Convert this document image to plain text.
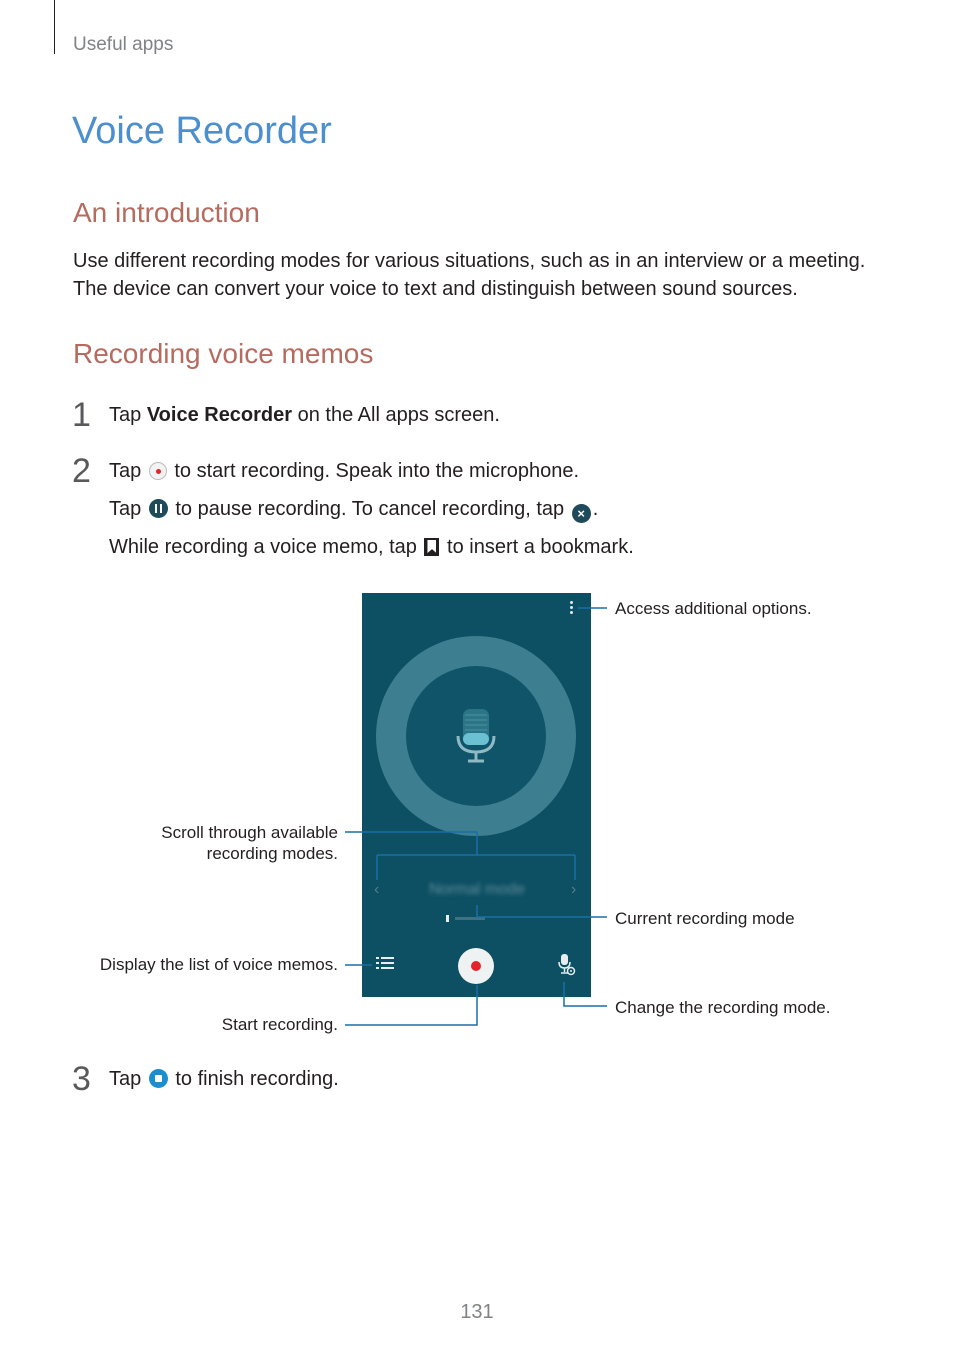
Useful apps
Voice Recorder
An introduction

Use different recording modes for various situations, such as in an interview or a meeting. The device can convert your voice to text and distinguish between sound sources.

Recording voice memos
1 Tap Voice Recorder on the All apps screen.
2 Tap  to start recording. Speak into the microphone.
Tap  to pause recording. To cancel recording, tap × .
While recording a voice memo, tap  to insert a bookmark.
‹	Normal mode	›
Access additional options.
Scroll through available
recording modes.
Current recording mode
Display the list of voice memos.
Change the recording mode.
Start recording.
3 Tap  to finish recording.
131
